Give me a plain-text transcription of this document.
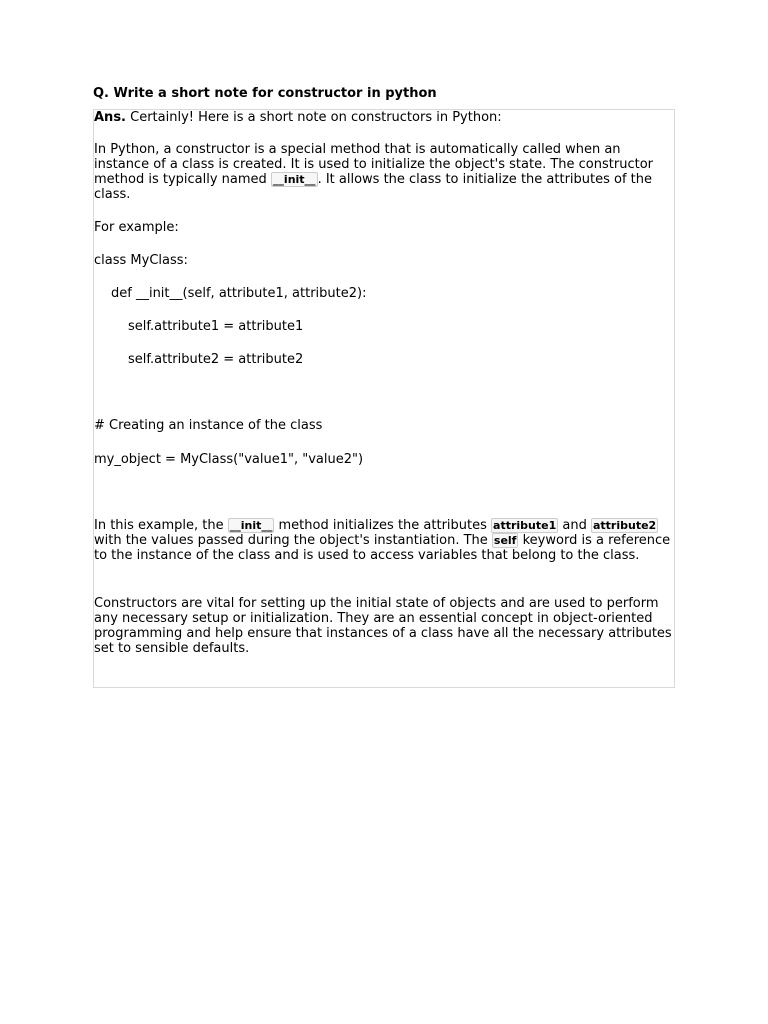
Q. Write a short note for constructor in python
Ans. Certainly! Here is a short note on constructors in Python:
In Python, a constructor is a special method that is automatically called when an instance of a class is created. It is used to initialize the object's state. The constructor method is typically named __init__ . It allows the class to initialize the attributes of the class.
For example:
class MyClass:
def __init__(self, attribute1, attribute2):
self.attribute1 = attribute1
self.attribute2 = attribute2
# Creating an instance of the class
my_object = MyClass("value1", "value2")
In this example, the __init__ method initializes the attributes attribute1 and attribute2 with the values passed during the object's instantiation. The self keyword is a reference to the instance of the class and is used to access variables that belong to the class.
Constructors are vital for setting up the initial state of objects and are used to perform any necessary setup or initialization. They are an essential concept in object-oriented programming and help ensure that instances of a class have all the necessary attributes set to sensible defaults.
